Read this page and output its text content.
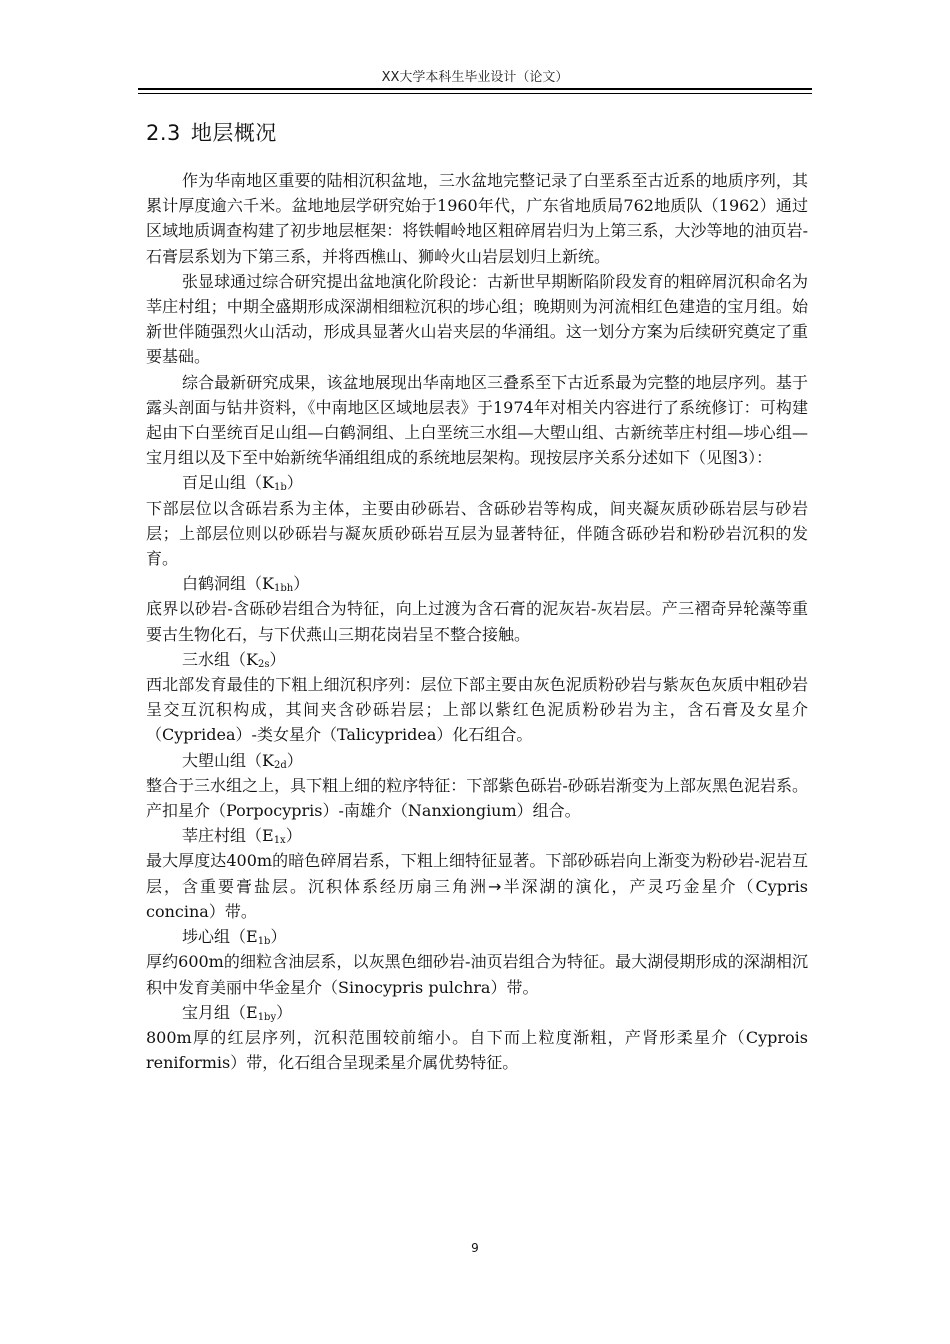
XX大学本科生毕业设计（论文）
2.3 地层概况

作为华南地区重要的陆相沉积盆地，三水盆地完整记录了白垩系至古近系的地质序列，其累计厚度逾六千米。盆地地层学研究始于1960年代，广东省地质局762地质队（1962）通过区域地质调查构建了初步地层框架：将铁帽岭地区粗碎屑岩归为上第三系，大沙等地的油页岩-石膏层系划为下第三系，并将西樵山、狮岭火山岩层划归上新统。

张显球通过综合研究提出盆地演化阶段论：古新世早期断陷阶段发育的粗碎屑沉积命名为莘庄村组；中期全盛期形成深湖相细粒沉积的埗心组；晚期则为河流相红色建造的宝月组。始新世伴随强烈火山活动，形成具显著火山岩夹层的华涌组。这一划分方案为后续研究奠定了重要基础。

综合最新研究成果，该盆地展现出华南地区三叠系至下古近系最为完整的地层序列。基于露头剖面与钻井资料，《中南地区区域地层表》于1974年对相关内容进行了系统修订：可构建起由下白垩统百足山组—白鹤洞组、上白垩统三水组—大塱山组、古新统莘庄村组—埗心组—宝月组以及下至中始新统华涌组组成的系统地层架构。现按层序关系分述如下（见图3）：

百足山组$(K_{1b})$

下部层位以含砾岩系为主体，主要由砂砾岩、含砾砂岩等构成，间夹凝灰质砂砾岩层与砂岩层；上部层位则以砂砾岩与凝灰质砂砾岩互层为显著特征，伴随含砾砂岩和粉砂岩沉积的发育。

白鹤洞组$(K_{1bh})$

底界以砂岩-含砾砂岩组合为特征，向上过渡为含石膏的泥灰岩-灰岩层。产三褶奇异轮藻等重要古生物化石，与下伏燕山三期花岗岩呈不整合接触。

三水组$(K_{2s})$

西北部发育最佳的下粗上细沉积序列：层位下部主要由灰色泥质粉砂岩与紫灰色灰质中粗砂岩呈交互沉积构成，其间夹含砂砾岩层；上部以紫红色泥质粉砂岩为主，含石膏及女星介（Cypridea）-类女星介（Talicypridea）化石组合。

大塱山组$(K_{2d})$

整合于三水组之上，具下粗上细的粒序特征：下部紫色砾岩-砂砾岩渐变为上部灰黑色泥岩系。产扣星介（Porpocypris）-南雄介（Nanxiongium）组合。

莘庄村组$(E_{1x})$

最大厚度达400m的暗色碎屑岩系，下粗上细特征显著。下部砂砾岩向上渐变为粉砂岩-泥岩互层，含重要膏盐层。沉积体系经历扇三角洲→半深湖的演化，产灵巧金星介（Cypris concina）带。

埗心组$(E_{1b})$

厚约600m的细粒含油层系，以灰黑色细砂岩-油页岩组合为特征。最大湖侵期形成的深湖相沉积中发育美丽中华金星介（Sinocypris pulchra）带。

宝月组$(E_{1by})$

800m厚的红层序列，沉积范围较前缩小。自下而上粒度渐粗，产肾形柔星介（Cyprois reniformis）带，化石组合呈现柔星介属优势特征。

9
